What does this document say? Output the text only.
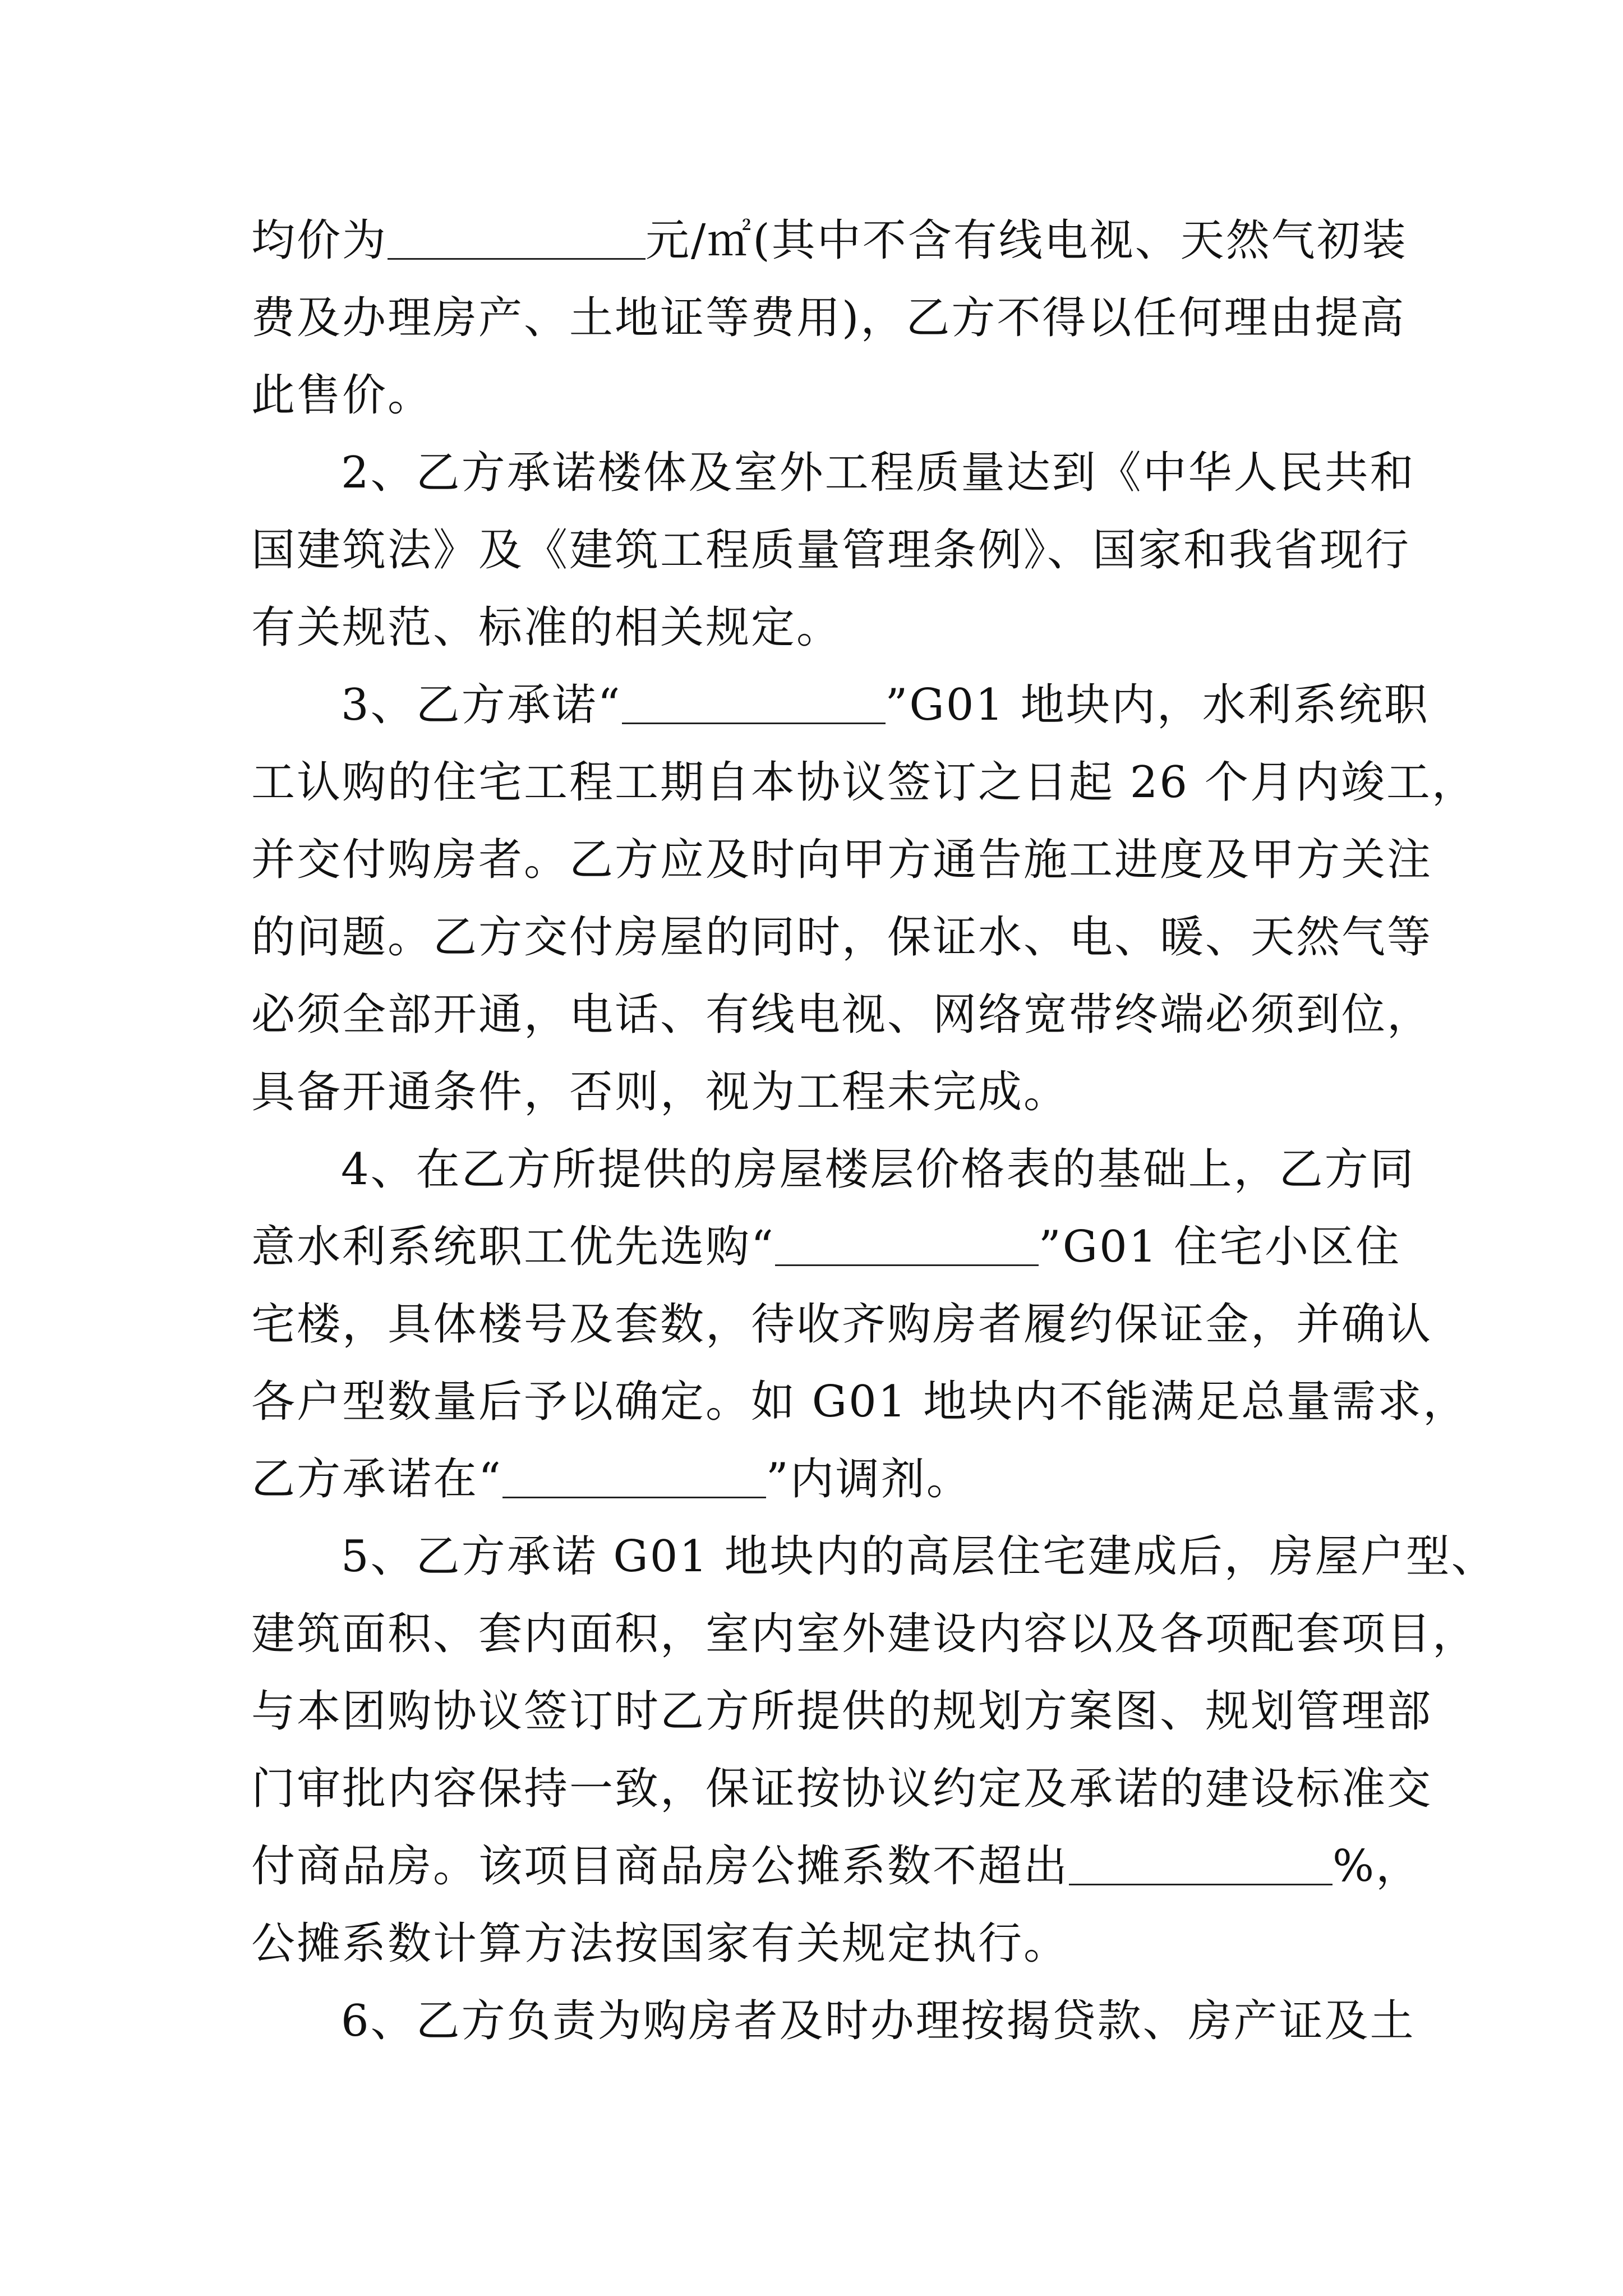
均价为	元/㎡(其中不含有线电视、天然气初装
费及办理房产、土地证等费用)，乙方不得以任何理由提高
此售价。
2、乙方承诺楼体及室外工程质量达到《中华人民共和
国建筑法》及《建筑工程质量管理条例》、国家和我省现行
有关规范、标准的相关规定。
3、乙方承诺“	”G01 地块内，水利系统职
工认购的住宅工程工期自本协议签订之日起 26 个月内竣工，
并交付购房者。乙方应及时向甲方通告施工进度及甲方关注
的问题。乙方交付房屋的同时，保证水、电、暖、天然气等
必须全部开通，电话、有线电视、网络宽带终端必须到位，
具备开通条件，否则，视为工程未完成。
4、在乙方所提供的房屋楼层价格表的基础上，乙方同
意水利系统职工优先选购“	”G01 住宅小区住
宅楼，具体楼号及套数，待收齐购房者履约保证金，并确认
各户型数量后予以确定。如 G01 地块内不能满足总量需求，
乙方承诺在“	”内调剂。
5、乙方承诺 G01 地块内的高层住宅建成后，房屋户型、
建筑面积、套内面积，室内室外建设内容以及各项配套项目，
与本团购协议签订时乙方所提供的规划方案图、规划管理部
门审批内容保持一致，保证按协议约定及承诺的建设标准交
付商品房。该项目商品房公摊系数不超出	%，
公摊系数计算方法按国家有关规定执行。
6、乙方负责为购房者及时办理按揭贷款、房产证及土
